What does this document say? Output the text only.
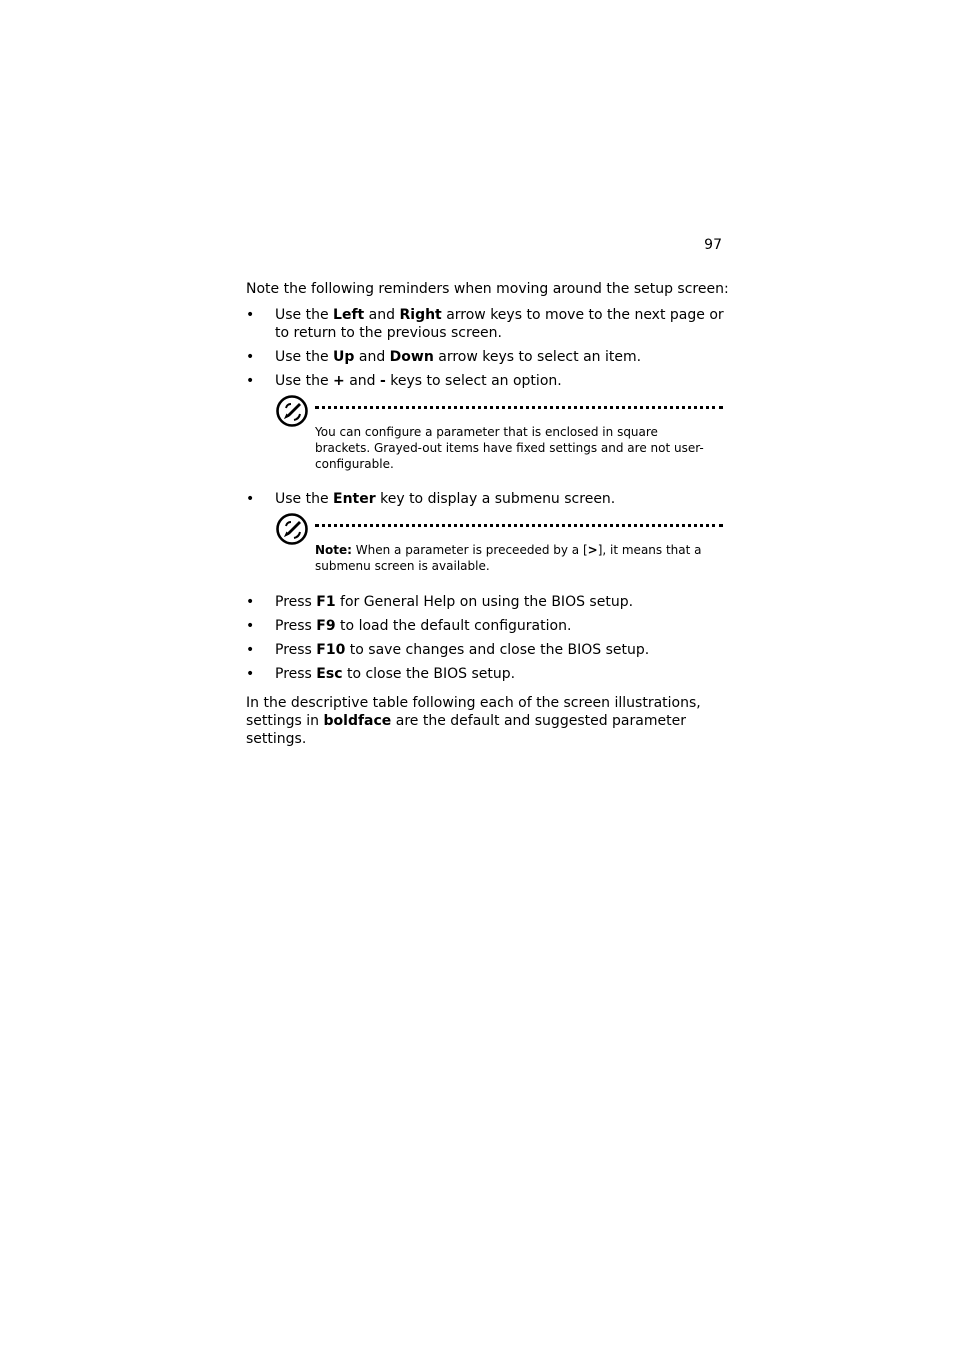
97

Note the following reminders when moving around the setup screen:

• Use the Left and Right arrow keys to move to the next page or to return to the previous screen.
• Use the Up and Down arrow keys to select an item.
• Use the + and - keys to select an option.
You can configure a parameter that is enclosed in square brackets. Grayed-out items have fixed settings and are not user-configurable.
• Use the Enter key to display a submenu screen.
Note: When a parameter is preceeded by a [>], it means that a submenu screen is available.
• Press F1 for General Help on using the BIOS setup.
• Press F9 to load the default configuration.
• Press F10 to save changes and close the BIOS setup.
• Press Esc to close the BIOS setup.

In the descriptive table following each of the screen illustrations, settings in boldface are the default and suggested parameter settings.
